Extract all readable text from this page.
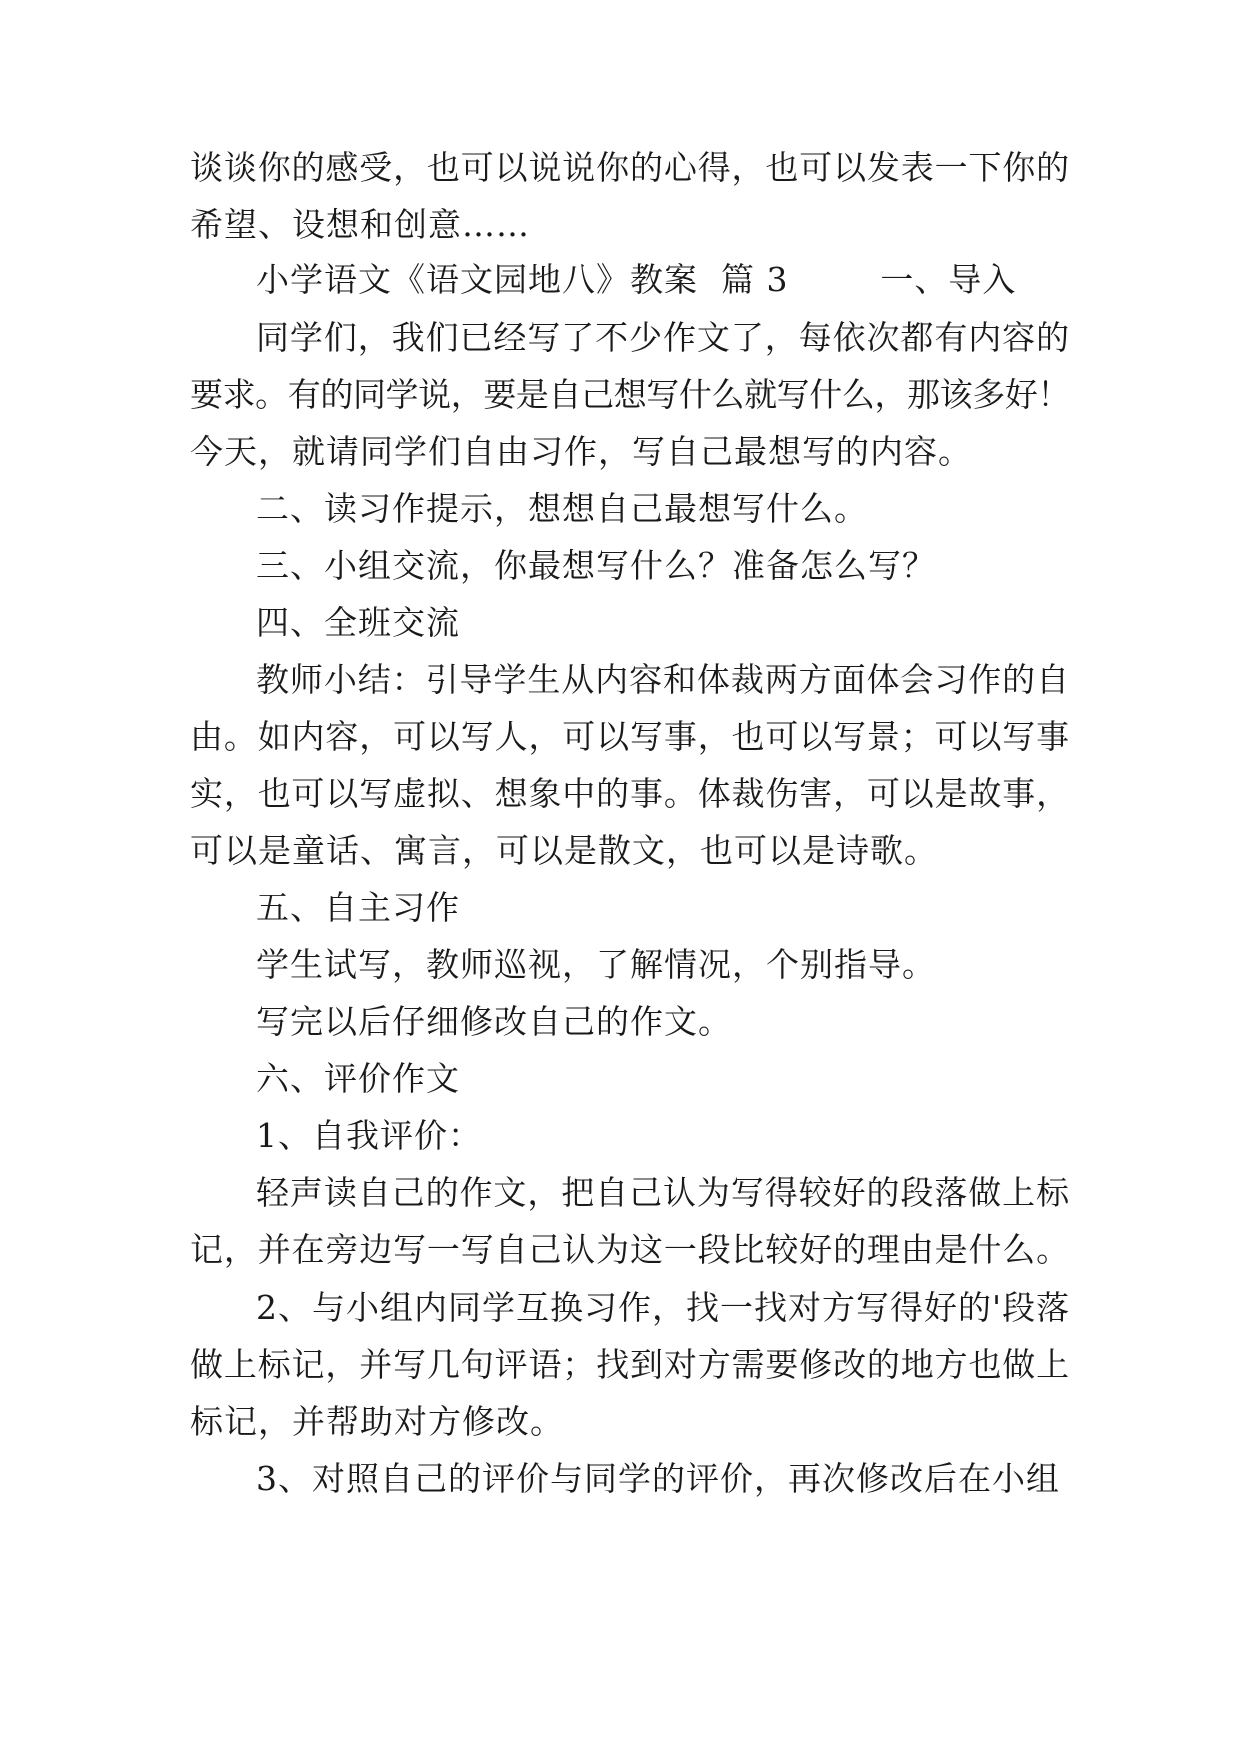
谈谈你的感受，也可以说说你的心得，也可以发表一下你的
希望、设想和创意……
小学语文《语文园地八》教案  篇 3        一、导入
同学们，我们已经写了不少作文了，每依次都有内容的
要求。有的同学说，要是自己想写什么就写什么，那该多好！
今天，就请同学们自由习作，写自己最想写的内容。
二、读习作提示，想想自己最想写什么。
三、小组交流，你最想写什么？准备怎么写？
四、全班交流
教师小结：引导学生从内容和体裁两方面体会习作的自
由。如内容，可以写人，可以写事，也可以写景；可以写事
实，也可以写虚拟、想象中的事。体裁伤害，可以是故事，
可以是童话、寓言，可以是散文，也可以是诗歌。
五、自主习作
学生试写，教师巡视，了解情况，个别指导。
写完以后仔细修改自己的作文。
六、评价作文
1、自我评价：
轻声读自己的作文，把自己认为写得较好的段落做上标
记，并在旁边写一写自己认为这一段比较好的理由是什么。
2、与小组内同学互换习作，找一找对方写得好的'段落
做上标记，并写几句评语；找到对方需要修改的地方也做上
标记，并帮助对方修改。
3、对照自己的评价与同学的评价，再次修改后在小组
